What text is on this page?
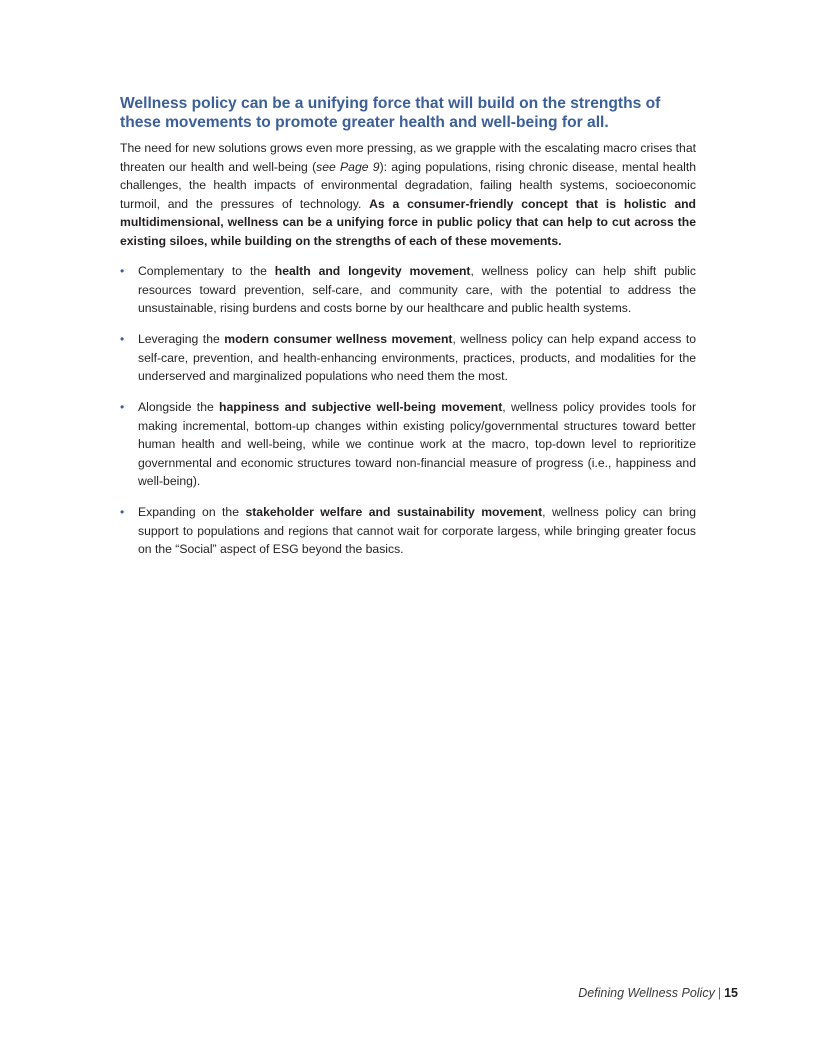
Wellness policy can be a unifying force that will build on the strengths of these movements to promote greater health and well-being for all.

The need for new solutions grows even more pressing, as we grapple with the escalating macro crises that threaten our health and well-being (see Page 9): aging populations, rising chronic disease, mental health challenges, the health impacts of environmental degradation, failing health systems, socioeconomic turmoil, and the pressures of technology. As a consumer-friendly concept that is holistic and multidimensional, wellness can be a unifying force in public policy that can help to cut across the existing siloes, while building on the strengths of each of these movements.

• Complementary to the health and longevity movement, wellness policy can help shift public resources toward prevention, self-care, and community care, with the potential to address the unsustainable, rising burdens and costs borne by our healthcare and public health systems.
• Leveraging the modern consumer wellness movement, wellness policy can help expand access to self-care, prevention, and health-enhancing environments, practices, products, and modalities for the underserved and marginalized populations who need them the most.
• Alongside the happiness and subjective well-being movement, wellness policy provides tools for making incremental, bottom-up changes within existing policy/governmental structures toward better human health and well-being, while we continue work at the macro, top-down level to reprioritize governmental and economic structures toward non-financial measure of progress (i.e., happiness and well-being).
• Expanding on the stakeholder welfare and sustainability movement, wellness policy can bring support to populations and regions that cannot wait for corporate largess, while bringing greater focus on the “Social” aspect of ESG beyond the basics.
Defining Wellness Policy | 15
